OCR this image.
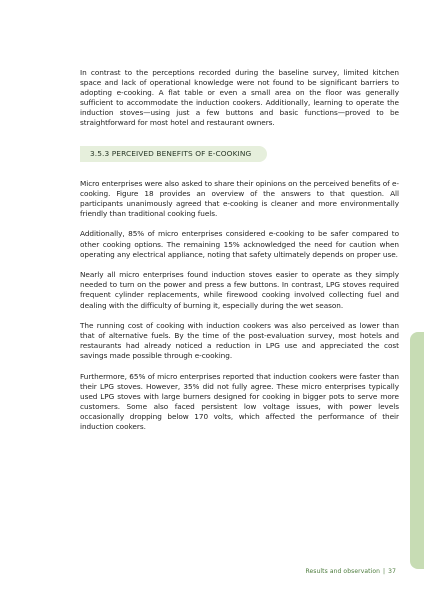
In contrast to the perceptions recorded during the baseline survey, limited kitchen space and lack of operational knowledge were not found to be significant barriers to adopting e-cooking. A flat table or even a small area on the floor was generally sufficient to accommodate the induction cookers. Additionally, learning to operate the induction stoves—using just a few buttons and basic functions—proved to be straightforward for most hotel and restaurant owners.

3.5.3 PERCEIVED BENEFITS OF E-COOKING

Micro enterprises were also asked to share their opinions on the perceived benefits of e-cooking. Figure 18 provides an overview of the answers to that question. All participants unanimously agreed that e-cooking is cleaner and more environmentally friendly than traditional cooking fuels.

Additionally, 85% of micro enterprises considered e-cooking to be safer compared to other cooking options. The remaining 15% acknowledged the need for caution when operating any electrical appliance, noting that safety ultimately depends on proper use.

Nearly all micro enterprises found induction stoves easier to operate as they simply needed to turn on the power and press a few buttons. In contrast, LPG stoves required frequent cylinder replacements, while firewood cooking involved collecting fuel and dealing with the difficulty of burning it, especially during the wet season.

The running cost of cooking with induction cookers was also perceived as lower than that of alternative fuels. By the time of the post-evaluation survey, most hotels and restaurants had already noticed a reduction in LPG use and appreciated the cost savings made possible through e-cooking.

Furthermore, 65% of micro enterprises reported that induction cookers were faster than their LPG stoves. However, 35% did not fully agree. These micro enterprises typically used LPG stoves with large burners designed for cooking in bigger pots to serve more customers. Some also faced persistent low voltage issues, with power levels occasionally dropping below 170 volts, which affected the performance of their induction cookers.

Results and observation | 37
